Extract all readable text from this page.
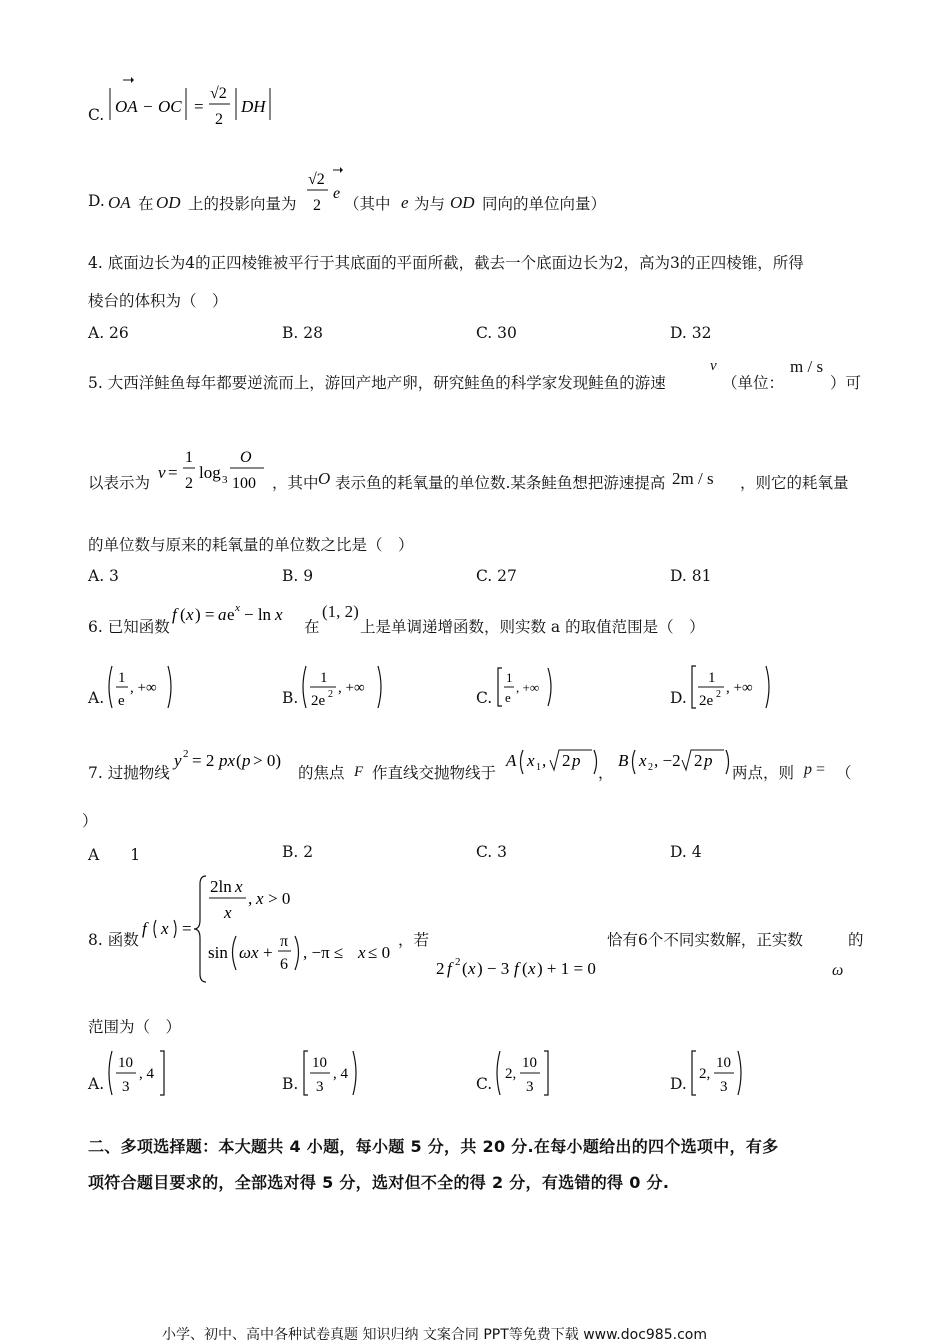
C. OA − OC =
√2
2
DH
D. OA 在 OD 上的投影向量为
√2
2
e
（其中 e 为与 OD 同向的单位向量）
4. 底面边长为4的正四棱锥被平行于其底面的平面所截，截去一个底面边长为2，高为3的正四棱锥，所得
棱台的体积为（　）
A. 26	B. 28	C. 30	D. 32
5. 大西洋鲑鱼每年都要逆流而上，游回产地产卵，研究鲑鱼的科学家发现鲑鱼的游速
v
（单位：
m / s
）可
以表示为
v =
1
2
log 3
O
100 ，其中 O 表示鱼的耗氧量的单位数.某条鲑鱼想把游速提高 2m / s ，则它的耗氧量
的单位数与原来的耗氧量的单位数之比是（　）
A. 3	B. 9	C. 27	D. 81
6. 已知函数
f ( x ) = a e x − ln x
在
(1, 2)
上是单调递增函数，则实数 a 的取值范围是（　）
A.
1
e
, +∞
B.
1
2e 2 , +∞
C.
1
e
, +∞
D.
1
2e 2 , +∞
7. 过抛物线
y 2 = 2 px ( p > 0)
的焦点 F 作直线交抛物线于
A x 1 , 2 p
，
B x 2 , −2 2 p
两点，则 p = （
）
A　　1	B. 2	C. 3	D. 4
8. 函数
f x =
2ln x
x
, x > 0
sin ωx +
π
6
, −π ≤ x ≤ 0
，若
2 f 2 ( x ) − 3 f ( x ) + 1 = 0
恰有6个不同实数解，正实数	的
ω
范围为（　）
A.
10
3
, 4
B.
10
3
, 4
C.
2,
10
3	D.
2,
10
3
二、多项选择题：本大题共 4 小题，每小题 5 分，共 20 分.在每小题给出的四个选项中，有多
项符合题目要求的，全部选对得 5 分，选对但不全的得 2 分，有选错的得 0 分.
小学、初中、高中各种试卷真题 知识归纳 文案合同 PPT等免费下载 www.doc985.com
